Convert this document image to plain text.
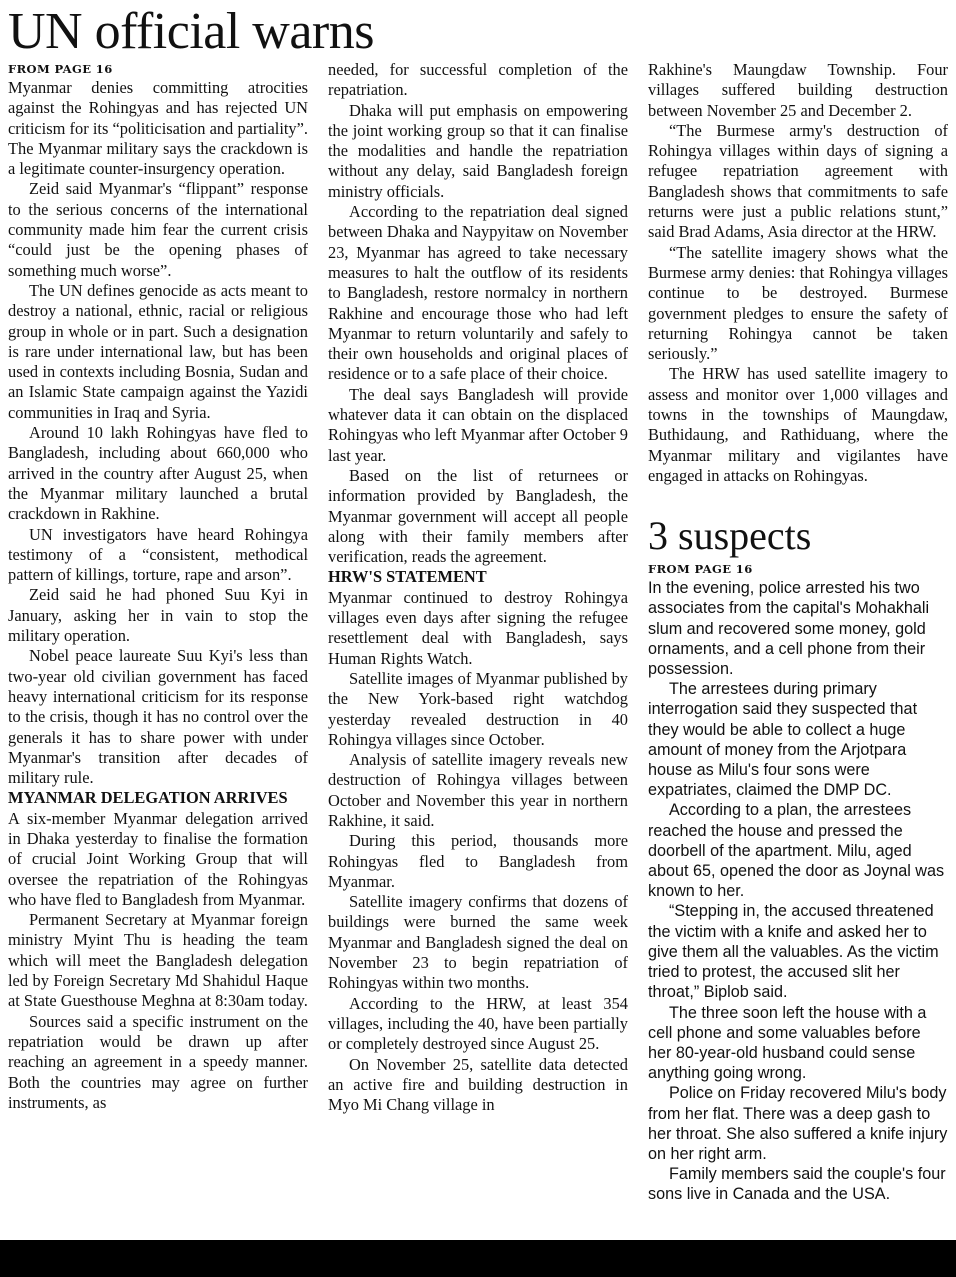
UN official warns
FROM PAGE 16

Myanmar denies committing atrocities against the Rohingyas and has rejected UN criticism for its “politicisation and partiality”. The Myanmar military says the crackdown is a legitimate counter-insurgency operation.

Zeid said Myanmar's “flippant” response to the serious concerns of the international community made him fear the current crisis “could just be the opening phases of something much worse”.

The UN defines genocide as acts meant to destroy a national, ethnic, racial or religious group in whole or in part. Such a designation is rare under international law, but has been used in contexts including Bosnia, Sudan and an Islamic State campaign against the Yazidi communities in Iraq and Syria.

Around 10 lakh Rohingyas have fled to Bangladesh, including about 660,000 who arrived in the country after August 25, when the Myanmar military launched a brutal crackdown in Rakhine.

UN investigators have heard Rohingya testimony of a “consistent, methodical pattern of killings, torture, rape and arson”.

Zeid said he had phoned Suu Kyi in January, asking her in vain to stop the military operation.

Nobel peace laureate Suu Kyi's less than two-year old civilian government has faced heavy international criticism for its response to the crisis, though it has no control over the generals it has to share power with under Myanmar's transition after decades of military rule.

MYANMAR DELEGATION ARRIVES

A six-member Myanmar delegation arrived in Dhaka yesterday to finalise the formation of crucial Joint Working Group that will oversee the repatriation of the Rohingyas who have fled to Bangladesh from Myanmar.

Permanent Secretary at Myanmar foreign ministry Myint Thu is heading the team which will meet the Bangladesh delegation led by Foreign Secretary Md Shahidul Haque at State Guesthouse Meghna at 8:30am today.

Sources said a specific instrument on the repatriation would be drawn up after reaching an agreement in a speedy manner. Both the countries may agree on further instruments, as

needed, for successful completion of the repatriation.

Dhaka will put emphasis on empowering the joint working group so that it can finalise the modalities and handle the repatriation without any delay, said Bangladesh foreign ministry officials.

According to the repatriation deal signed between Dhaka and Naypyitaw on November 23, Myanmar has agreed to take necessary measures to halt the outflow of its residents to Bangladesh, restore normalcy in northern Rakhine and encourage those who had left Myanmar to return voluntarily and safely to their own households and original places of residence or to a safe place of their choice.

The deal says Bangladesh will provide whatever data it can obtain on the displaced Rohingyas who left Myanmar after October 9 last year.

Based on the list of returnees or information provided by Bangladesh, the Myanmar government will accept all people along with their family members after verification, reads the agreement.

HRW'S STATEMENT

Myanmar continued to destroy Rohingya villages even days after signing the refugee resettlement deal with Bangladesh, says Human Rights Watch.

Satellite images of Myanmar published by the New York-based right watchdog yesterday revealed destruction in 40 Rohingya villages since October.

Analysis of satellite imagery reveals new destruction of Rohingya villages between October and November this year in northern Rakhine, it said.

During this period, thousands more Rohingyas fled to Bangladesh from Myanmar.

Satellite imagery confirms that dozens of buildings were burned the same week Myanmar and Bangladesh signed the deal on November 23 to begin repatriation of Rohingyas within two months.

According to the HRW, at least 354 villages, including the 40, have been partially or completely destroyed since August 25.

On November 25, satellite data detected an active fire and building destruction in Myo Mi Chang village in

Rakhine's Maungdaw Township. Four villages suffered building destruction between November 25 and December 2.

“The Burmese army's destruction of Rohingya villages within days of signing a refugee repatriation agreement with Bangladesh shows that commitments to safe returns were just a public relations stunt,” said Brad Adams, Asia director at the HRW.

“The satellite imagery shows what the Burmese army denies: that Rohingya villages continue to be destroyed. Burmese government pledges to ensure the safety of returning Rohingya cannot be taken seriously.”

The HRW has used satellite imagery to assess and monitor over 1,000 villages and towns in the townships of Maungdaw, Buthidaung, and Rathiduang, where the Myanmar military and vigilantes have engaged in attacks on Rohingyas.

3 suspects
FROM PAGE 16

In the evening, police arrested his two associates from the capital's Mohakhali slum and recovered some money, gold ornaments, and a cell phone from their possession.

The arrestees during primary interrogation said they suspected that they would be able to collect a huge amount of money from the Arjotpara house as Milu's four sons were expatriates, claimed the DMP DC.

According to a plan, the arrestees reached the house and pressed the doorbell of the apartment. Milu, aged about 65, opened the door as Joynal was known to her.

“Stepping in, the accused threatened the victim with a knife and asked her to give them all the valuables. As the victim tried to protest, the accused slit her throat,” Biplob said.

The three soon left the house with a cell phone and some valuables before her 80-year-old husband could sense anything going wrong.

Police on Friday recovered Milu's body from her flat. There was a deep gash to her throat. She also suffered a knife injury on her right arm.

Family members said the couple's four sons live in Canada and the USA.
